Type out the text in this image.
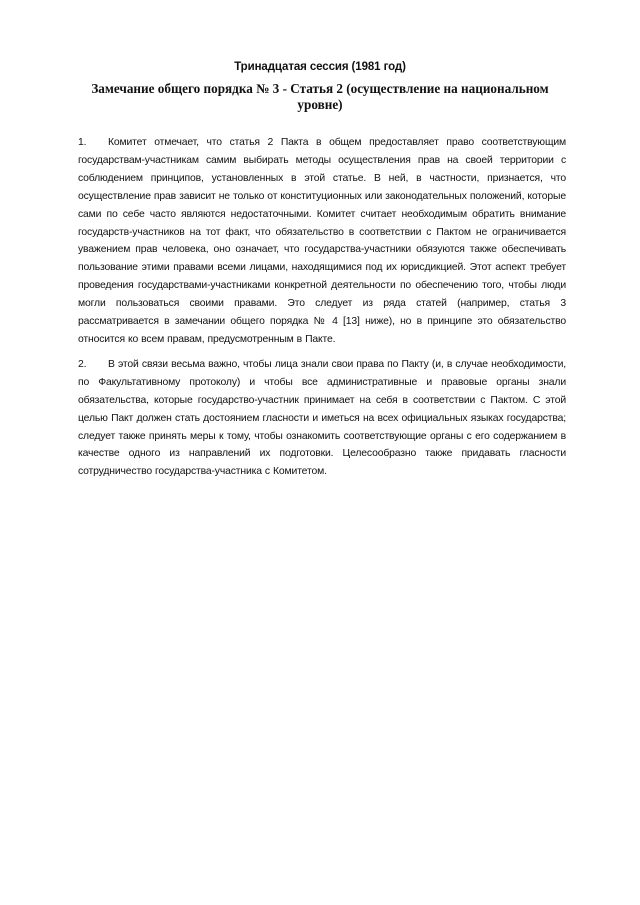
Тринадцатая сессия (1981 год)
Замечание общего порядка № 3 - Статья 2 (осуществление на национальном уровне)

1. Комитет отмечает, что статья 2 Пакта в общем предоставляет право соответствующим государствам-участникам самим выбирать методы осуществления прав на своей территории с соблюдением принципов, установленных в этой статье. В ней, в частности, признается, что осуществление прав зависит не только от конституционных или законодательных положений, которые сами по себе часто являются недостаточными. Комитет считает необходимым обратить внимание государств-участников на тот факт, что обязательство в соответствии с Пактом не ограничивается уважением прав человека, оно означает, что государства-участники обязуются также обеспечивать пользование этими правами всеми лицами, находящимися под их юрисдикцией. Этот аспект требует проведения государствами-участниками конкретной деятельности по обеспечению того, чтобы люди могли пользоваться своими правами. Это следует из ряда статей (например, статья 3 рассматривается в замечании общего порядка № 4 [13] ниже), но в принципе это обязательство относится ко всем правам, предусмотренным в Пакте.

2. В этой связи весьма важно, чтобы лица знали свои права по Пакту (и, в случае необходимости, по Факультативному протоколу) и чтобы все административные и правовые органы знали обязательства, которые государство-участник принимает на себя в соответствии с Пактом. С этой целью Пакт должен стать достоянием гласности и иметься на всех официальных языках государства; следует также принять меры к тому, чтобы ознакомить соответствующие органы с его содержанием в качестве одного из направлений их подготовки. Целесообразно также придавать гласности сотрудничество государства-участника с Комитетом.
